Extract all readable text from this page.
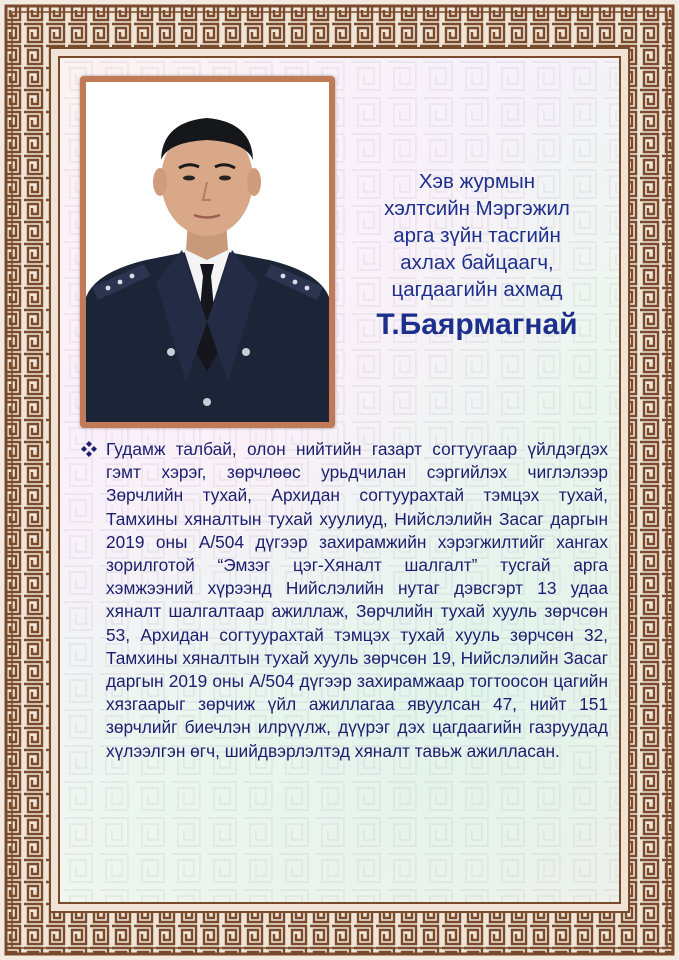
Хэв журмын
хэлтсийн Мэргэжил
арга зүйн тасгийн
ахлах байцаагч,
цагдаагийн ахмад
Т.Баярмагнай
Гудамж талбай, олон нийтийн газарт согтуугаар үйлдэгдэх гэмт хэрэг, зөрчлөөс урьдчилан сэргийлэх чиглэлээр Зөрчлийн тухай, Архидан согтуурахтай тэмцэх тухай, Тамхины хяналтын тухай хуулиуд, Нийслэлийн Засаг даргын 2019 оны А/504 дүгээр захирамжийн хэрэгжилтийг хангах зорилготой “Эмзэг цэг-Хяналт шалгалт” тусгай арга хэмжээний хүрээнд Нийслэлийн нутаг дэвсгэрт 13 удаа хяналт шалгалтаар ажиллаж, Зөрчлийн тухай хууль зөрчсөн 53, Архидан согтуурахтай тэмцэх тухай хууль зөрчсөн 32, Тамхины хяналтын тухай хууль зөрчсөн 19, Нийслэлийн Засаг даргын 2019 оны А/504 дүгээр захирамжаар тогтоосон цагийн хязгаарыг зөрчиж үйл ажиллагаа явуулсан 47, нийт 151 зөрчлийг биечлэн илрүүлж, дүүрэг дэх цагдаагийн газруудад хүлээлгэн өгч, шийдвэрлэлтэд хяналт тавьж ажилласан.
